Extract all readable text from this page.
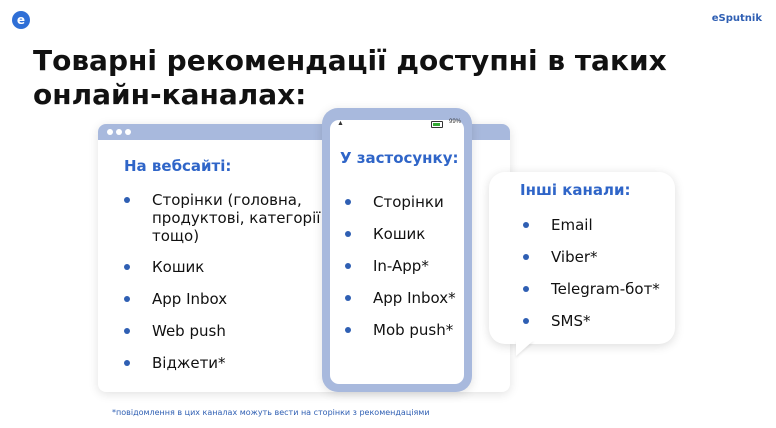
e	eSputnik
Товарні рекомендації доступні в таких онлайн-каналах:
На вебсайті:
Сторінки (головна, продуктові, категорії тощо)
Кошик
App Inbox
Web push
Віджети*
▲	99%
У застосунку:
Сторінки
Кошик
In-App*
App Inbox*
Mob push*
Інші канали:
Email
Viber*
Telegram-бот*
SMS*
*повідомлення в цих каналах можуть вести на сторінки з рекомендаціями
